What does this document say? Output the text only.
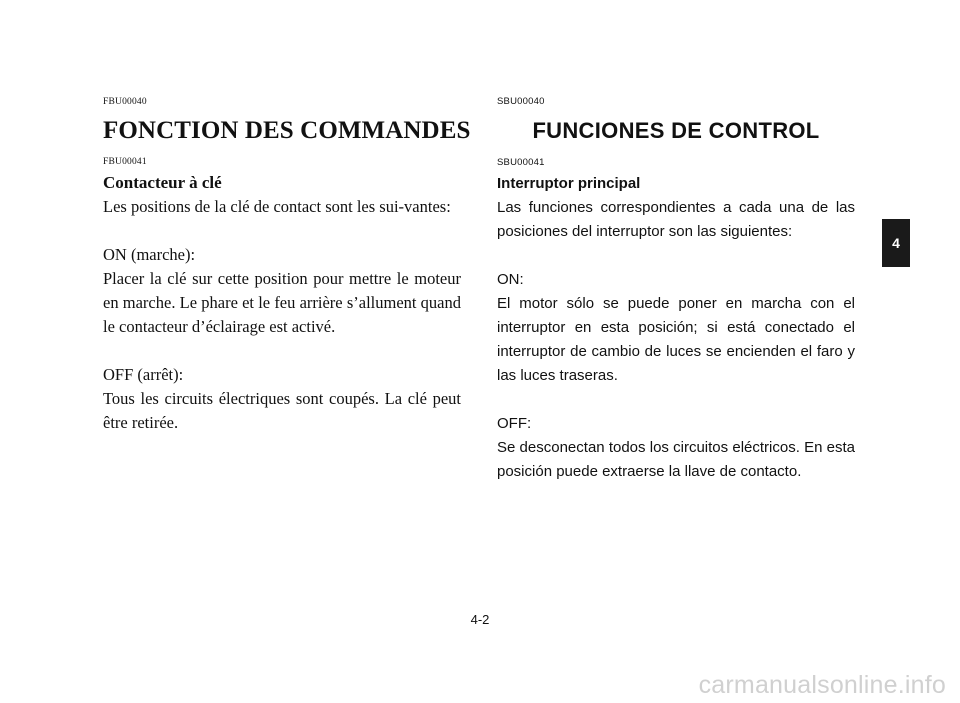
FBU00040
FONCTION DES COMMANDES
FBU00041
Contacteur à clé

Les positions de la clé de contact sont les sui-vantes:

ON (marche):

Placer la clé sur cette position pour mettre le moteur en marche. Le phare et le feu arrière s’allument quand le contacteur d’éclairage est activé.

OFF (arrêt):

Tous les circuits électriques sont coupés. La clé peut être retirée.

SBU00040
FUNCIONES DE CONTROL
SBU00041
Interruptor principal

Las funciones correspondientes a cada una de las posiciones del interruptor son las siguientes:

ON:

El motor sólo se puede poner en marcha con el interruptor en esta posición; si está conectado el interruptor de cambio de luces se encienden el faro y las luces traseras.

OFF:

Se desconectan todos los circuitos eléctricos. En esta posición puede extraerse la llave de contacto.

4
4-2
carmanualsonline.info
